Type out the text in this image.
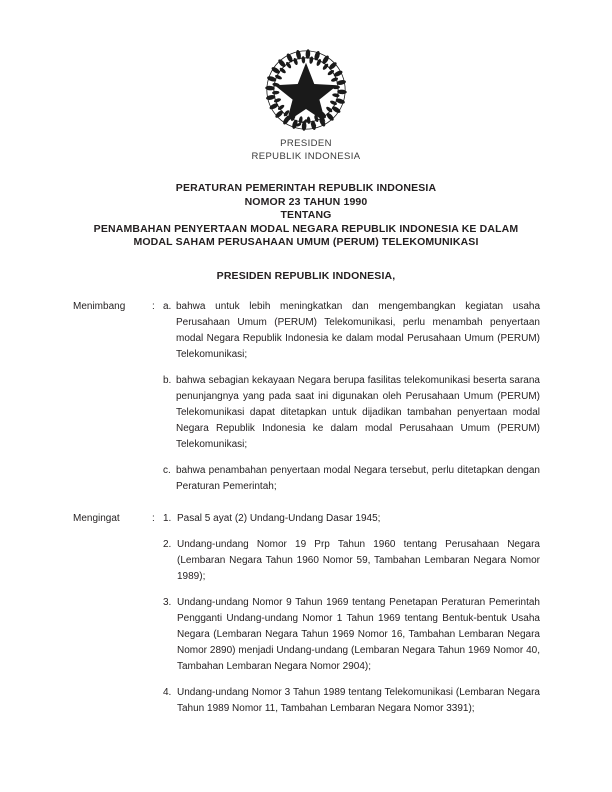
PRESIDEN
REPUBLIK INDONESIA
PERATURAN PEMERINTAH REPUBLIK INDONESIA
NOMOR 23 TAHUN 1990
TENTANG
PENAMBAHAN PENYERTAAN MODAL NEGARA REPUBLIK INDONESIA KE DALAM
MODAL SAHAM PERUSAHAAN UMUM (PERUM) TELEKOMUNIKASI
PRESIDEN REPUBLIK INDONESIA,
Menimbang	: a. bahwa untuk lebih meningkatkan dan mengembangkan kegiatan usaha Perusahaan Umum (PERUM) Telekomunikasi, perlu menambah penyertaan modal Negara Republik Indonesia ke dalam modal Perusahaan Umum (PERUM) Telekomunikasi;
b. bahwa sebagian kekayaan Negara berupa fasilitas telekomunikasi beserta sarana penunjangnya yang pada saat ini digunakan oleh Perusahaan Umum (PERUM) Telekomunikasi dapat ditetapkan untuk dijadikan tambahan penyertaan modal Negara Republik Indonesia ke dalam modal Perusahaan Umum (PERUM) Telekomunikasi;
c. bahwa penambahan penyertaan modal Negara tersebut, perlu ditetapkan dengan Peraturan Pemerintah;
Mengingat	: 1. Pasal 5 ayat (2) Undang-Undang Dasar 1945;
2. Undang-undang Nomor 19 Prp Tahun 1960 tentang Perusahaan Negara (Lembaran Negara Tahun 1960 Nomor 59, Tambahan Lembaran Negara Nomor 1989);
3. Undang-undang Nomor 9 Tahun 1969 tentang Penetapan Peraturan Pemerintah Pengganti Undang-undang Nomor 1 Tahun 1969 tentang Bentuk-bentuk Usaha Negara (Lembaran Negara Tahun 1969 Nomor 16, Tambahan Lembaran Negara Nomor 2890) menjadi Undang-undang (Lembaran Negara Tahun 1969 Nomor 40, Tambahan Lembaran Negara Nomor 2904);
4. Undang-undang Nomor 3 Tahun 1989 tentang Telekomunikasi (Lembaran Negara Tahun 1989 Nomor 11, Tambahan Lembaran Negara Nomor 3391);
